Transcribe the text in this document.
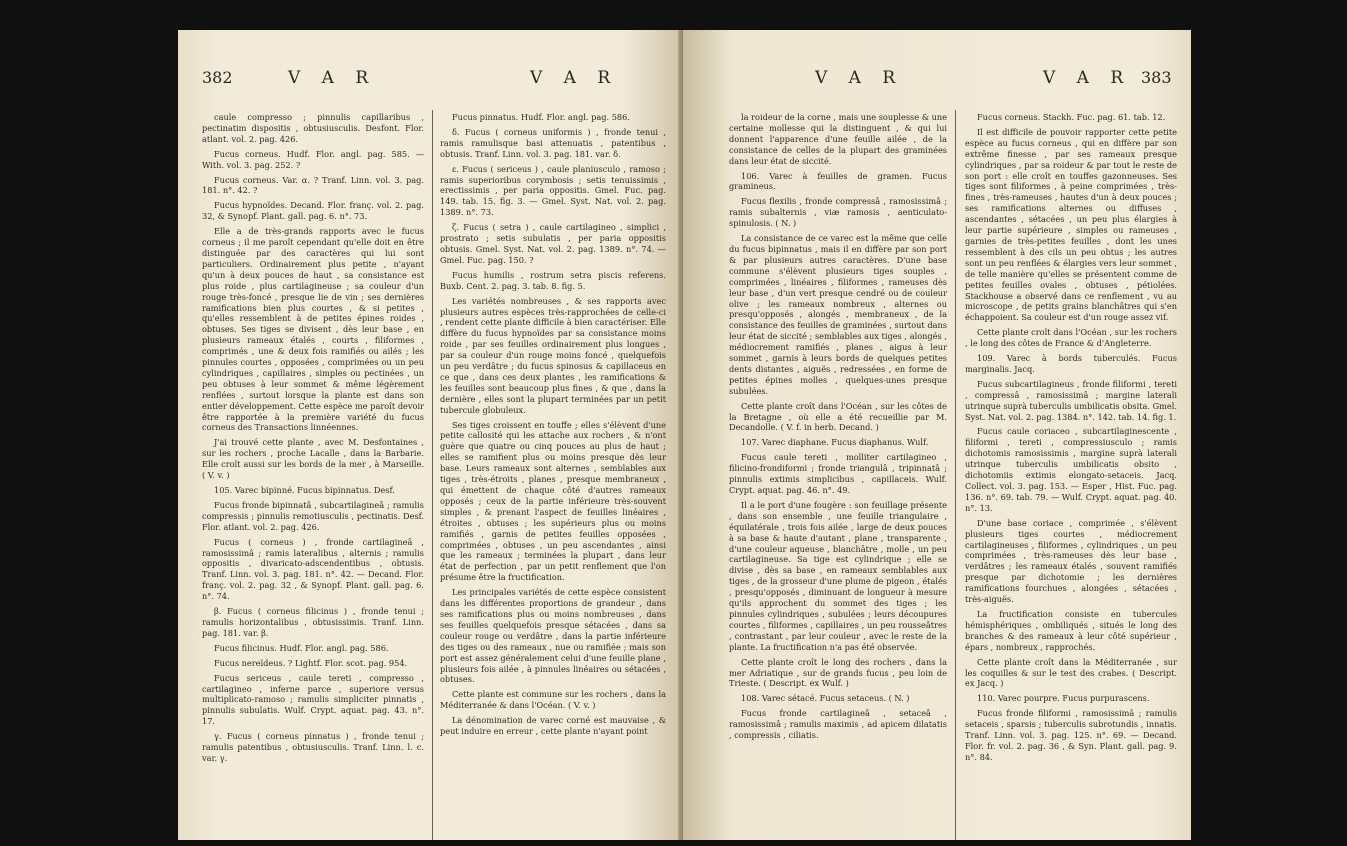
382	V A R	V A R

caule compresso ; pinnulis capillaribus , pectinatim dispositis , obtusiusculis. Desfont. Flor. atlant. vol. 2. pag. 426.

Fucus corneus. Hudf. Flor. angl. pag. 585. — With. vol. 3. pag. 252. ?

Fucus corneus. Var. α. ? Tranf. Linn. vol. 3. pag. 181. n°. 42. ?

Fucus hypnoïdes. Decand. Flor. franç. vol. 2. pag. 32, & Synopf. Plant. gall. pag. 6. n°. 73.

Elle a de très-grands rapports avec le fucus corneus ; il me paroît cependant qu'elle doit en être distinguée par des caractères qui lui sont particuliers. Ordinairement plus petite , n'ayant qu'un à deux pouces de haut , sa consistance est plus roide , plus cartilagineuse ; sa couleur d'un rouge très-foncé , presque lie de vin ; ses dernières ramifications bien plus courtes , & si petites , qu'elles ressemblent à de petites épines roides , obtuses. Ses tiges se divisent , dès leur base , en plusieurs rameaux étalés , courts , filiformes , comprimés , une & deux fois ramifiés ou ailés ; les pinnules courtes , opposées , comprimées ou un peu cylindriques , capillaires , simples ou pectinées , un peu obtuses à leur sommet & même légèrement renflées , surtout lorsque la plante est dans son entier développement. Cette espèce me paroît devoir être rapportée à la première variété du fucus corneus des Transactions linnéennes.

J'ai trouvé cette plante , avec M. Desfontaines , sur les rochers , proche Lacalle , dans la Barbarie. Elle croît aussi sur les bords de la mer , à Marseille. ( V. v. )

105. Varec bipinné. Fucus bipinnatus. Desf.

Fucus fronde bipinnatâ , subcartilagineâ ; ramulis compressis ; pinnulis remotiusculis , pectinatis. Desf. Flor. atlant. vol. 2. pag. 426.

Fucus ( corneus ) , fronde cartilagineâ , ramosissimâ ; ramis lateralibus , alternis ; ramulis oppositis , divaricato-adscendentibus , obtusis. Tranf. Linn. vol. 3. pag. 181. n°. 42. — Decand. Flor. franç. vol. 2. pag. 32 , & Synopf. Plant. gall. pag. 6. n°. 74.

β. Fucus ( corneus filicinus ) , fronde tenui ; ramulis horizontalibus , obtusissimis. Tranf. Linn. pag. 181. var. β.

Fucus filicinus. Hudf. Flor. angl. pag. 586.

Fucus nereïdeus. ? Lightf. Flor. scot. pag. 954.

Fucus sericeus , caule tereti , compresso , cartilagineo , inferne parce , superiore versus multiplicato-ramoso ; ramulis simpliciter pinnatis , pinnulis subulatis. Wulf. Crypt. aquat. pag. 43. n°. 17.

γ. Fucus ( corneus pinnatus ) , fronde tenui ; ramulis patentibus , obtusiusculis. Tranf. Linn. l. c. var. γ.

Fucus pinnatus. Hudf. Flor. angl. pag. 586.

δ. Fucus ( corneus uniformis ) , fronde tenui , ramis ramulisque basi attenuatis , patentibus , obtusis. Tranf. Linn. vol. 3. pag. 181. var. δ.

ε. Fucus ( sericeus ) , caule planiusculo , ramoso ; ramis superioribus corymbosis ; setis tenuissimis , erectissimis , per paria oppositis. Gmel. Fuc. pag. 149. tab. 15. fig. 3. — Gmel. Syst. Nat. vol. 2. pag. 1389. n°. 73.

ζ. Fucus ( setra ) , caule cartilagineo , simplici , prostrato ; setis subulatis , per paria oppositis obtusis. Gmel. Syst. Nat. vol. 2. pag. 1389. n°. 74. — Gmel. Fuc. pag. 150. ?

Fucus humilis , rostrum setra piscis referens. Buxb. Cent. 2. pag. 3. tab. 8. fig. 5.

Les variétés nombreuses , & ses rapports avec plusieurs autres espèces très-rapprochées de celle-ci , rendent cette plante difficile à bien caractériser. Elle diffère du fucus hypnoïdes par sa consistance moins roide , par ses feuilles ordinairement plus longues , par sa couleur d'un rouge moins foncé , quelquefois un peu verdâtre ; du fucus spinosus & capillaceus en ce que , dans ces deux plantes , les ramifications & les feuilles sont beaucoup plus fines , & que , dans la dernière , elles sont la plupart terminées par un petit tubercule globuleux.

Ses tiges croissent en touffe ; elles s'élèvent d'une petite callosité qui les attache aux rochers , & n'ont guère que quatre ou cinq pouces au plus de haut ; elles se ramifient plus ou moins presque dès leur base. Leurs rameaux sont alternes , semblables aux tiges , très-étroits , planes , presque membraneux , qui émettent de chaque côté d'autres rameaux opposés ; ceux de la partie inférieure très-souvent simples , & prenant l'aspect de feuilles linéaires , étroites , obtuses ; les supérieurs plus ou moins ramifiés , garnis de petites feuilles opposées , comprimées , obtuses , un peu ascendantes , ainsi que les rameaux ; terminées la plupart , dans leur état de perfection , par un petit renflement que l'on présume être la fructification.

Les principales variétés de cette espèce consistent dans les différentes proportions de grandeur , dans ses ramifications plus ou moins nombreuses , dans ses feuilles quelquefois presque sétacées , dans sa couleur rouge ou verdâtre , dans la partie inférieure des tiges ou des rameaux , nue ou ramifiée ; mais son port est assez généralement celui d'une feuille plane , plusieurs fois ailée , à pinnules linéaires ou sétacées , obtuses.

Cette plante est commune sur les rochers , dans la Méditerranée & dans l'Océan. ( V. v. )

La dénomination de varec corné est mauvaise , & peut induire en erreur , cette plante n'ayant point

V A R	V A R 383

la roideur de la corne , mais une souplesse & une certaine mollesse qui la distinguent , & qui lui donnent l'apparence d'une feuille ailée , de la consistance de celles de la plupart des graminées dans leur état de siccité.

106. Varec à feuilles de gramen. Fucus gramineus.

Fucus flexilis , fronde compressâ , ramosissimâ ; ramis subalternis , viæ ramosis , aenticulato-spinulosis. ( N. )

La consistance de ce varec est la même que celle du fucus bipinnatus , mais il en diffère par son port & par plusieurs autres caractères. D'une base commune s'élèvent plusieurs tiges souples , comprimées , linéaires , filiformes , rameuses dès leur base , d'un vert presque cendré ou de couleur olive ; les rameaux nombreux , alternes ou presqu'opposés , alongés , membraneux , de la consistance des feuilles de graminées , surtout dans leur état de siccité ; semblables aux tiges , alongés , médiocrement ramifiés , planes , aigus à leur sommet , garnis à leurs bords de quelques petites dents distantes , aiguës , redressées , en forme de petites épines molles , quelques-unes presque subulées.

Cette plante croît dans l'Océan , sur les côtes de la Bretagne , où elle a été recueillie par M. Decandolle. ( V. f. in herb. Decand. )

107. Varec diaphane. Fucus diaphanus. Wulf.

Fucus caule tereti , molliter cartilagineo , filicino-frondiformi ; fronde triangulâ , tripinnatâ ; pinnulis extimis simplicibus , capillaceis. Wulf. Crypt. aquat. pag. 46. n°. 49.

Il a le port d'une fougère : son feuillage présente , dans son ensemble , une feuille triangulaire , équilatérale , trois fois ailée , large de deux pouces à sa base & haute d'autant , plane , transparente , d'une couleur aqueuse , blanchâtre , molle , un peu cartilagineuse. Sa tige est cylindrique ; elle se divise , dès sa base , en rameaux semblables aux tiges , de la grosseur d'une plume de pigeon , étalés , presqu'opposés , diminuant de longueur à mesure qu'ils approchent du sommet des tiges ; les pinnules cylindriques , subulées ; leurs découpures courtes , filiformes , capillaires , un peu rousseâtres , contrastant , par leur couleur , avec le reste de la plante. La fructification n'a pas été observée.

Cette plante croît le long des rochers , dans la mer Adriatique , sur de grands fucus , peu loin de Trieste. ( Descript. ex Wulf. )

108. Varec sétacé. Fucus setaceus. ( N. )

Fucus fronde cartilagineâ , setaceâ , ramosissimâ ; ramulis maximis , ad apicem dilatatis , compressis , ciliatis.

Fucus corneus. Stackh. Fuc. pag. 61. tab. 12.

Il est difficile de pouvoir rapporter cette petite espèce au fucus corneus , qui en diffère par son extrême finesse , par ses rameaux presque cylindriques , par sa roideur & par tout le reste de son port : elle croît en touffes gazonneuses. Ses tiges sont filiformes , à peine comprimées , très-fines , très-rameuses , hautes d'un à deux pouces ; ses ramifications alternes ou diffuses , ascendantes , sétacées , un peu plus élargies à leur partie supérieure , simples ou rameuses , garnies de très-petites feuilles , dont les unes ressemblent à des cils un peu obtus ; les autres sont un peu renflées & élargies vers leur sommet , de telle manière qu'elles se présentent comme de petites feuilles ovales , obtuses , pétiolées. Stackhouse a observé dans ce renflement , vu au microscope , de petits grains blanchâtres qui s'en échappoient. Sa couleur est d'un rouge assez vif.

Cette plante croît dans l'Océan , sur les rochers , le long des côtes de France & d'Angleterre.

109. Varec à bords tuberculés. Fucus marginalis. Jacq.

Fucus subcartilagineus , fronde filiformi , tereti , compressâ , ramosissimâ ; margine laterali utrinque suprà tuberculis umbilicatis obsita. Gmel. Syst. Nat. vol. 2. pag. 1384. n°. 142. tab. 14. fig. 1.

Fucus caule coriaceo , subcartilaginescente , filiformi , tereti , compressiusculo ; ramis dichotomis ramosissimis , margine suprà laterali utrinque tuberculis umbilicatis obsito , dichotomiis extimis elongato-setaceis. Jacq. Collect. vol. 3. pag. 153. — Esper , Hist. Fuc. pag. 136. n°. 69. tab. 79. — Wulf. Crypt. aquat. pag. 40. n°. 13.

D'une base coriace , comprimée , s'élèvent plusieurs tiges courtes , médiocrement cartilagineuses , filiformes , cylindriques , un peu comprimées , très-rameuses dès leur base , verdâtres ; les rameaux étalés , souvent ramifiés presque par dichotomie ; les dernières ramifications fourchues , alongées , sétacées , très-aiguës.

La fructification consiste en tubercules hémisphériques , ombiliqués , situés le long des branches & des rameaux à leur côté supérieur , épars , nombreux , rapprochés.

Cette plante croît dans la Méditerranée , sur les coquilles & sur le test des crabes. ( Descript. ex Jacq. )

110. Varec pourpre. Fucus purpurascens.

Fucus fronde filiformi , ramosissimâ ; ramulis setaceis , sparsis ; tuberculis subrotundis , innatis. Tranf. Linn. vol. 3. pag. 125. n°. 69. — Decand. Flor. fr. vol. 2. pag. 36 , & Syn. Plant. gall. pag. 9. n°. 84.
